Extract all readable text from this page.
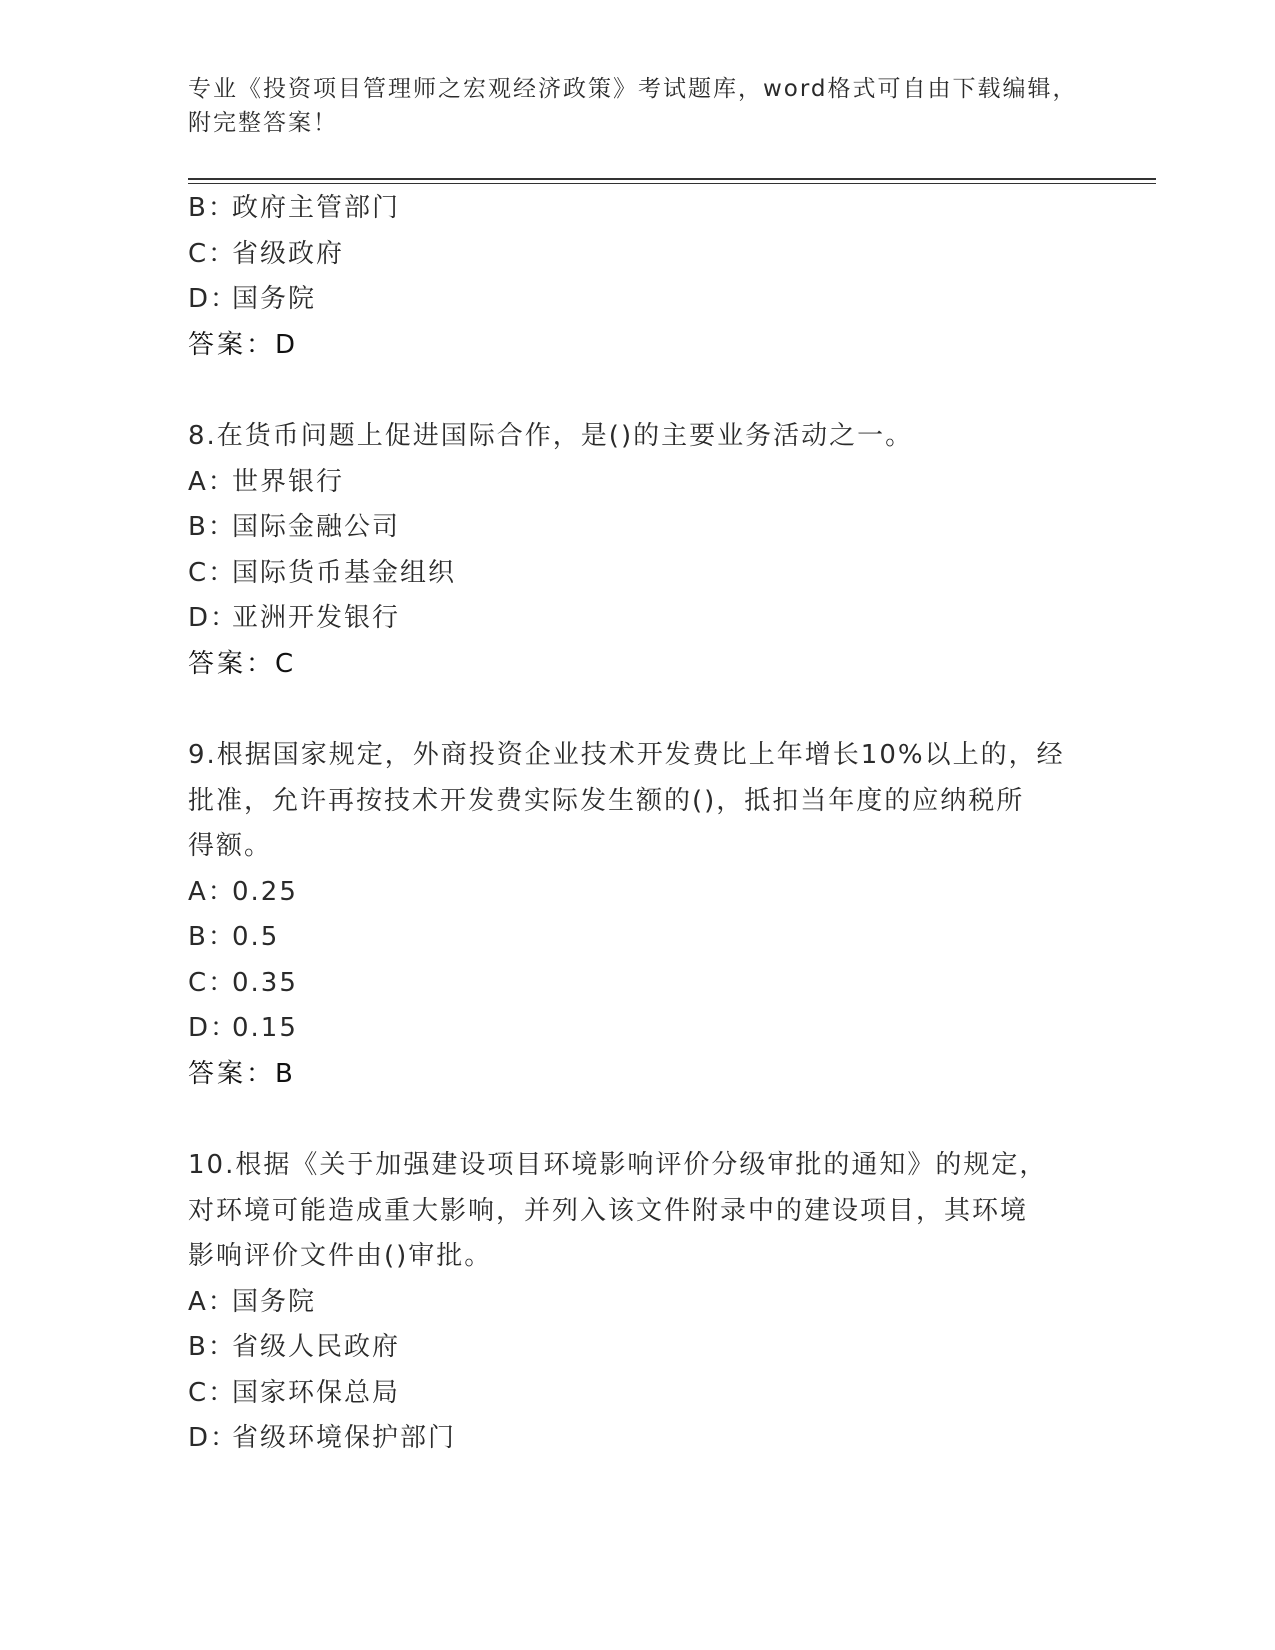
专业《投资项目管理师之宏观经济政策》考试题库，word格式可自由下载编辑，
附完整答案！
B：政府主管部门
C：省级政府
D：国务院
答案：D
8.在货币问题上促进国际合作，是()的主要业务活动之一。
A：世界银行
B：国际金融公司
C：国际货币基金组织
D：亚洲开发银行
答案：C
9.根据国家规定，外商投资企业技术开发费比上年增长10%以上的，经
批准，允许再按技术开发费实际发生额的()，抵扣当年度的应纳税所
得额。
A：0.25
B：0.5
C：0.35
D：0.15
答案：B
10.根据《关于加强建设项目环境影响评价分级审批的通知》的规定，
对环境可能造成重大影响，并列入该文件附录中的建设项目，其环境
影响评价文件由()审批。
A：国务院
B：省级人民政府
C：国家环保总局
D：省级环境保护部门
